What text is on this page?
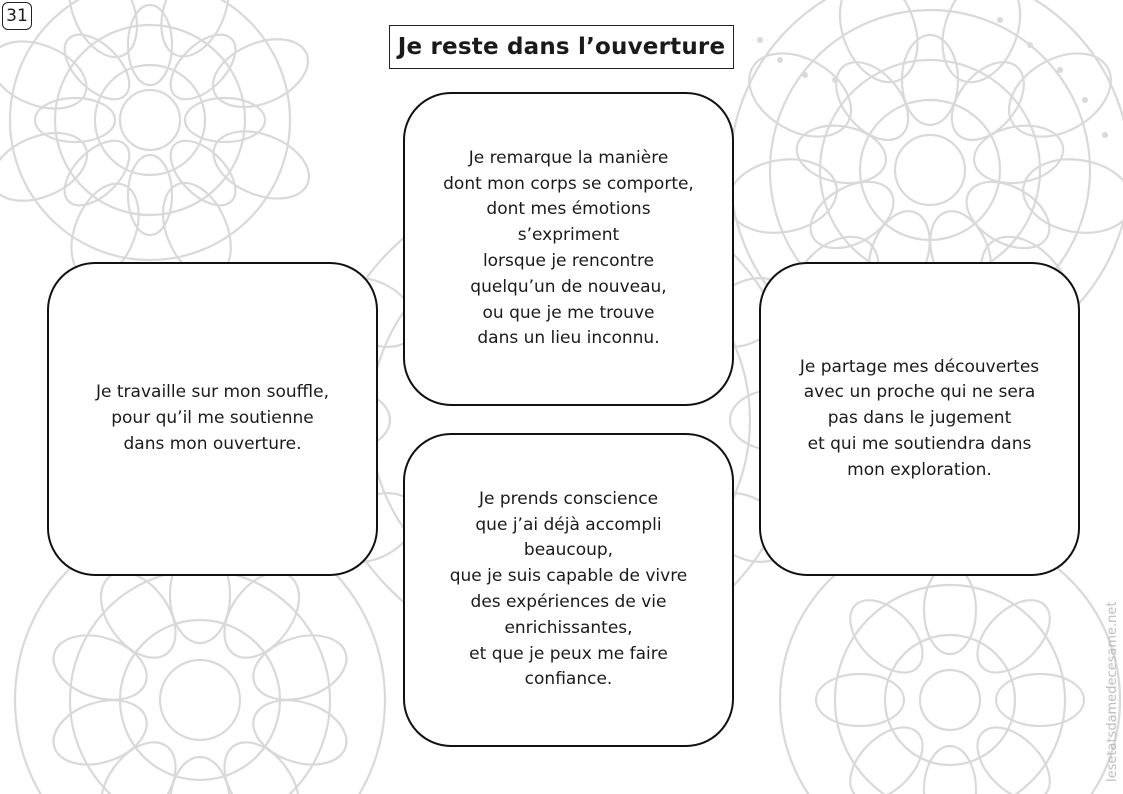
31
Je reste dans l’ouverture

Je remarque la manière
dont mon corps se comporte,
dont mes émotions
s’expriment
lorsque je rencontre
quelqu’un de nouveau,
ou que je me trouve
dans un lieu inconnu.

Je travaille sur mon souffle,
pour qu’il me soutienne
dans mon ouverture.

Je partage mes découvertes
avec un proche qui ne sera
pas dans le jugement
et qui me soutiendra dans
mon exploration.

Je prends conscience
que j’ai déjà accompli
beaucoup,
que je suis capable de vivre
des expériences de vie
enrichissantes,
et que je peux me faire
confiance.	lesetatsdamedecesame.net
